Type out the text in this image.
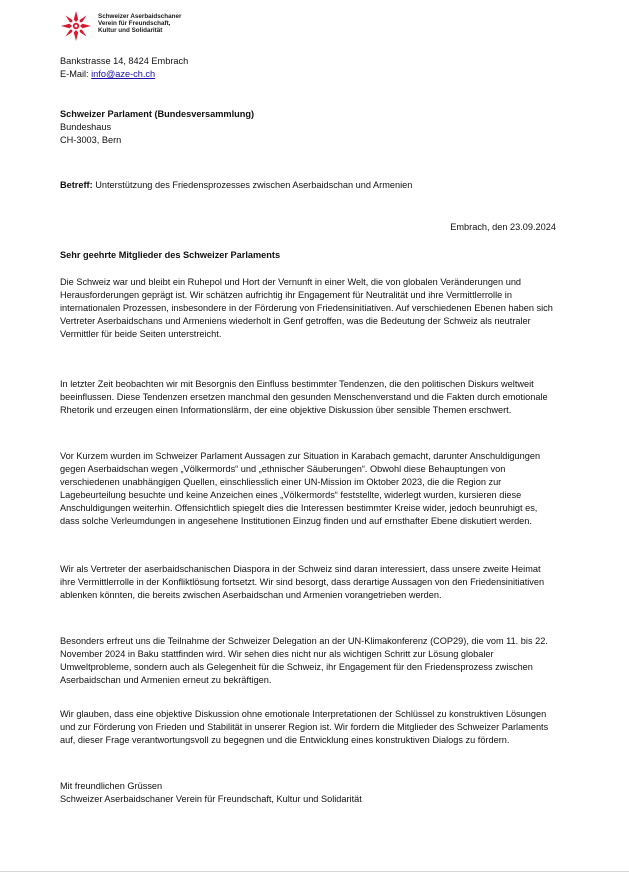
Schweizer Aserbaidschaner
Verein für Freundschaft,
Kultur und Solidarität
Bankstrasse 14, 8424 Embrach
E-Mail: info@aze-ch.ch
Schweizer Parlament (Bundesversammlung)
Bundeshaus
CH-3003, Bern
Betreff: Unterstützung des Friedensprozesses zwischen Aserbaidschan und Armenien
Embrach, den 23.09.2024
Sehr geehrte Mitglieder des Schweizer Parlaments
Die Schweiz war und bleibt ein Ruhepol und Hort der Vernunft in einer Welt, die von globalen Veränderungen und Herausforderungen geprägt ist. Wir schätzen aufrichtig ihr Engagement für Neutralität und ihre Vermittlerrolle in internationalen Prozessen, insbesondere in der Förderung von Friedensinitiativen. Auf verschiedenen Ebenen haben sich Vertreter Aserbaidschans und Armeniens wiederholt in Genf getroffen, was die Bedeutung der Schweiz als neutraler Vermittler für beide Seiten unterstreicht.
In letzter Zeit beobachten wir mit Besorgnis den Einfluss bestimmter Tendenzen, die den politischen Diskurs weltweit beeinflussen. Diese Tendenzen ersetzen manchmal den gesunden Menschenverstand und die Fakten durch emotionale Rhetorik und erzeugen einen Informationslärm, der eine objektive Diskussion über sensible Themen erschwert.
Vor Kurzem wurden im Schweizer Parlament Aussagen zur Situation in Karabach gemacht, darunter Anschuldigungen gegen Aserbaidschan wegen „Völkermords“ und „ethnischer Säuberungen“. Obwohl diese Behauptungen von verschiedenen unabhängigen Quellen, einschliesslich einer UN-Mission im Oktober 2023, die die Region zur Lagebeurteilung besuchte und keine Anzeichen eines „Völkermords“ feststellte, widerlegt wurden, kursieren diese Anschuldigungen weiterhin. Offensichtlich spiegelt dies die Interessen bestimmter Kreise wider, jedoch beunruhigt es, dass solche Verleumdungen in angesehene Institutionen Einzug finden und auf ernsthafter Ebene diskutiert werden.
Wir als Vertreter der aserbaidschanischen Diaspora in der Schweiz sind daran interessiert, dass unsere zweite Heimat ihre Vermittlerrolle in der Konfliktlösung fortsetzt. Wir sind besorgt, dass derartige Aussagen von den Friedensinitiativen ablenken könnten, die bereits zwischen Aserbaidschan und Armenien vorangetrieben werden.
Besonders erfreut uns die Teilnahme der Schweizer Delegation an der UN-Klimakonferenz (COP29), die vom 11. bis 22. November 2024 in Baku stattfinden wird. Wir sehen dies nicht nur als wichtigen Schritt zur Lösung globaler Umweltprobleme, sondern auch als Gelegenheit für die Schweiz, ihr Engagement für den Friedensprozess zwischen Aserbaidschan und Armenien erneut zu bekräftigen.
Wir glauben, dass eine objektive Diskussion ohne emotionale Interpretationen der Schlüssel zu konstruktiven Lösungen und zur Förderung von Frieden und Stabilität in unserer Region ist. Wir fordern die Mitglieder des Schweizer Parlaments auf, dieser Frage verantwortungsvoll zu begegnen und die Entwicklung eines konstruktiven Dialogs zu fördern.
Mit freundlichen Grüssen
Schweizer Aserbaidschaner Verein für Freundschaft, Kultur und Solidarität
